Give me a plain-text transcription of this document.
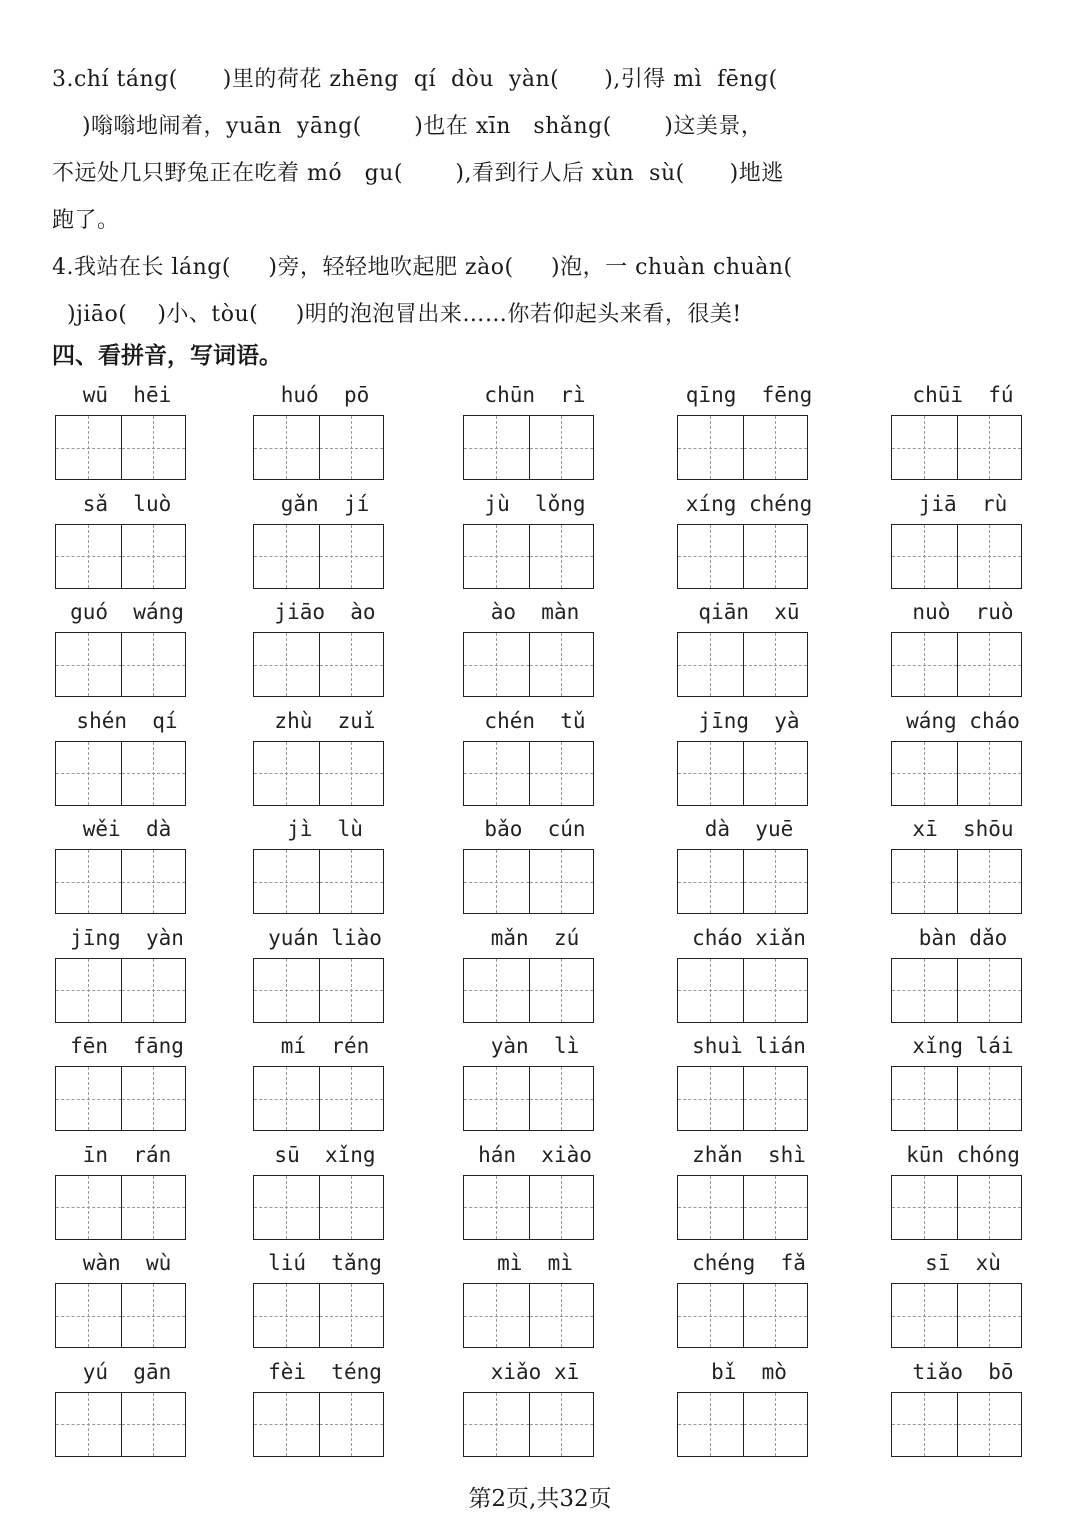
3.chí táng(      )里的荷花 zhēng  qí  dòu  yàn(      ),引得 mì  fēng(
)嗡嗡地闹着，yuān  yāng(       )也在 xīn   shǎng(       )这美景，
不远处几只野兔正在吃着 mó   gu(       ),看到行人后 xùn  sù(      )地逃
跑了。
4.我站在长 láng(     )旁，轻轻地吹起肥 zào(     )泡，一 chuàn chuàn(
)jiāo(    )小、tòu(     )明的泡泡冒出来……你若仰起头来看，很美!
四、看拼音，写词语。
wū  hēi	huó  pō	chūn  rì	qīng  fēng	chūī  fú
sǎ  luò	gǎn  jí	jù  lǒng	xíng chéng	jiā  rù
guó  wáng	jiāo  ào	ào  màn	qiān  xū	nuò  ruò
shén  qí	zhù  zuǐ	chén  tǔ	jīng  yà	wáng cháo
wěi  dà	jì  lù	bǎo  cún	dà  yuē	xī  shōu
jīng  yàn	yuán liào	mǎn  zú	cháo xiǎn	bàn dǎo
fēn  fāng	mí  rén	yàn  lì	shuì lián	xǐng lái
īn  rán	sū  xǐng	hán  xiào	zhǎn  shì	kūn chóng
wàn  wù	liú  tǎng	mì  mì	chéng  fǎ	sī  xù
yú  gān	fèi  téng	xiǎo xī	bǐ  mò	tiǎo  bō
第2页,共32页
